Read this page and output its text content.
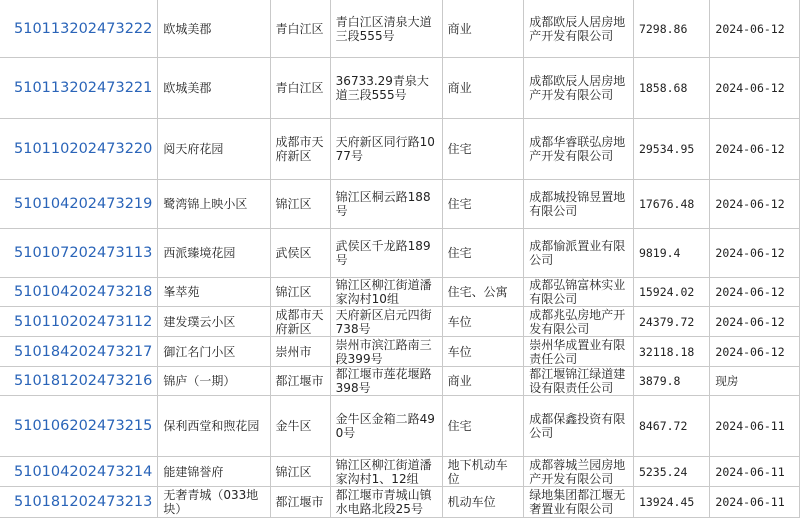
510113202473222	欧城美郡	青白江区	青白江区清泉大道三段555号	商业	成都欧辰人居房地产开发有限公司	7298.86	2024-06-12
510113202473221	欧城美郡	青白江区	36733.29青泉大道三段555号	商业	成都欧辰人居房地产开发有限公司	1858.68	2024-06-12
510110202473220	阅天府花园	成都市天府新区	天府新区同行路1077号	住宅	成都华睿联弘房地产开发有限公司	29534.95	2024-06-12
510104202473219	鹭湾锦上映小区	锦江区	锦江区桐云路188号	住宅	成都城投锦昱置地有限公司	17676.48	2024-06-12
510107202473113	西派臻境花园	武侯区	武侯区千龙路189号	住宅	成都愉派置业有限公司	9819.4	2024-06-12
510104202473218	峯萃苑	锦江区	锦江区柳江街道潘家沟村10组	住宅、公寓	成都弘锦富林实业有限公司	15924.02	2024-06-12
510110202473112	建发璞云小区	成都市天府新区	天府新区启元四街738号	车位	成都兆弘房地产开发有限公司	24379.72	2024-06-12
510184202473217	御江名门小区	崇州市	崇州市滨江路南三段399号	车位	崇州华成置业有限责任公司	32118.18	2024-06-12
510181202473216	锦庐（一期）	都江堰市	都江堰市莲花堰路398号	商业	都江堰锦江绿道建设有限责任公司	3879.8	现房
510106202473215	保利西堂和煦花园	金牛区	金牛区金箱二路490号	住宅	成都保鑫投资有限公司	8467.72	2024-06-11
510104202473214	能建锦誉府	锦江区	锦江区柳江街道潘家沟村1、12组	地下机动车位	成都蓉城兰园房地产开发有限公司	5235.24	2024-06-11
510181202473213	无奢青城（033地块）	都江堰市	都江堰市青城山镇水电路北段25号	机动车位	绿地集团都江堰无奢置业有限公司	13924.45	2024-06-11
